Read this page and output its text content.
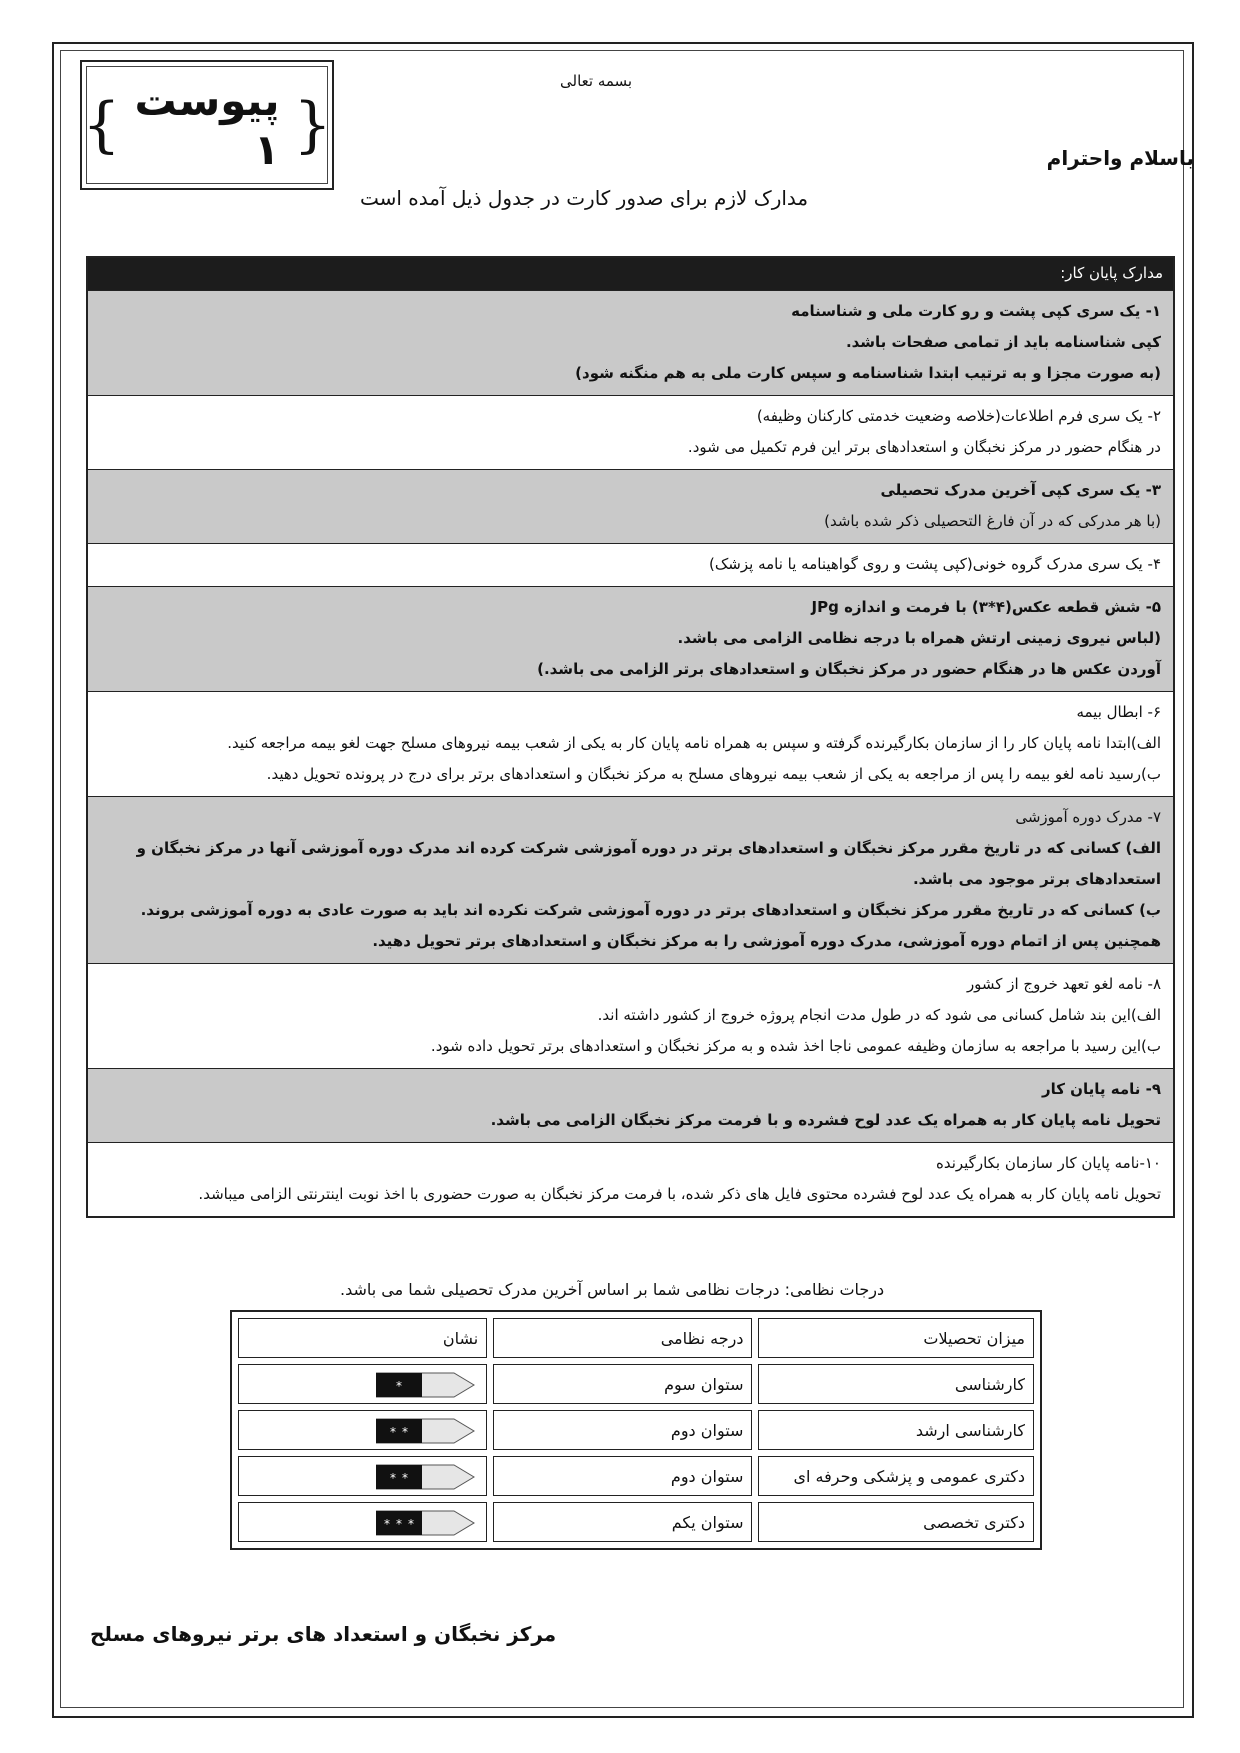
{ پیوست ۱ }
بسمه تعالی
باسلام واحترام
مدارک لازم برای صدور کارت در جدول ذیل آمده است
مدارک پایان کار:
۱- یک سری کپی پشت و رو کارت ملی و شناسنامه
کپی شناسنامه باید از تمامی صفحات باشد.
(به صورت مجزا و به ترتیب ابتدا شناسنامه و سپس کارت ملی به هم منگنه شود)
۲- یک سری فرم اطلاعات(خلاصه وضعیت خدمتی کارکنان وظیفه)
در هنگام حضور در مرکز نخبگان و استعدادهای برتر این فرم تکمیل می شود.
۳- یک سری کپی آخرین مدرک تحصیلی
(با هر مدرکی که در آن فارغ التحصیلی ذکر شده باشد)
۴- یک سری مدرک گروه خونی(کپی پشت و روی گواهینامه یا نامه پزشک)
۵- شش قطعه عکس(۴*۳) با فرمت و اندازه JPg
(لباس نیروی زمینی ارتش همراه با درجه نظامی الزامی می باشد.
آوردن عکس ها در هنگام حضور در مرکز نخبگان و استعدادهای برتر الزامی می باشد.)
۶- ابطال بیمه
الف)ابتدا نامه پایان کار را از سازمان بکارگیرنده گرفته و سپس به همراه نامه پایان کار به یکی از شعب بیمه نیروهای مسلح جهت لغو بیمه مراجعه کنید.
ب)رسید نامه لغو بیمه را پس از مراجعه به یکی از شعب بیمه نیروهای مسلح به مرکز نخبگان و استعدادهای برتر برای درج در پرونده تحویل دهید.
۷- مدرک دوره آموزشی
الف) کسانی که در تاریخ مقرر مرکز نخبگان و استعدادهای برتر در دوره آموزشی شرکت کرده اند مدرک دوره آموزشی آنها در مرکز نخبگان و استعدادهای برتر موجود می باشد.
ب) کسانی که در تاریخ مقرر مرکز نخبگان و استعدادهای برتر در دوره آموزشی شرکت نکرده اند باید به صورت عادی به دوره آموزشی بروند. همچنین پس از اتمام دوره آموزشی، مدرک دوره آموزشی را به مرکز نخبگان و استعدادهای برتر تحویل دهید.
۸- نامه لغو تعهد خروج از کشور
الف)این بند شامل کسانی می شود که در طول مدت انجام پروژه خروج از کشور داشته اند.
ب)این رسید با مراجعه به سازمان وظیفه عمومی ناجا اخذ شده و به مرکز نخبگان و استعدادهای برتر تحویل داده شود.
۹- نامه پایان کار
تحویل نامه پایان کار به همراه یک عدد لوح فشرده و با فرمت مرکز نخبگان الزامی می باشد.
۱۰-نامه پایان کار سازمان بکارگیرنده
تحویل نامه پایان کار به همراه یک عدد لوح فشرده محتوی فایل های ذکر شده، با فرمت مرکز نخبگان به صورت حضوری با اخذ نوبت اینترنتی الزامی میباشد.
درجات نظامی: درجات نظامی شما بر اساس آخرین مدرک تحصیلی شما می باشد.
میزان تحصیلات	درجه نظامی	نشان
کارشناسی	ستوان سوم	*

کارشناسی ارشد	ستوان دوم	* *

دکتری عمومی و پزشکی وحرفه ای	ستوان دوم	* *

دکتری تخصصی	ستوان یکم	* * *
مرکز نخبگان و استعداد های برتر نیروهای مسلح
